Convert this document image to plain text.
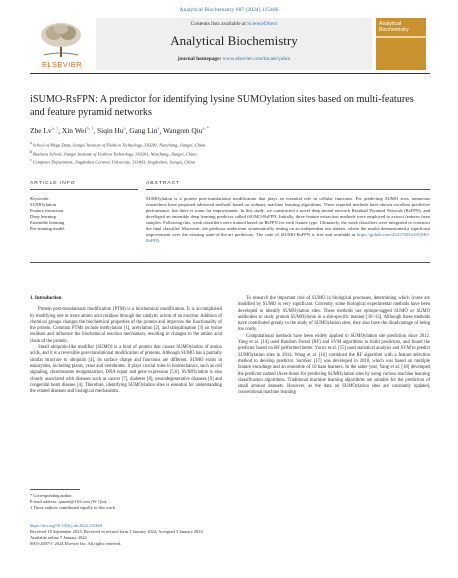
Analytical Biochemistry 687 (2024) 115460
ELSEVIER
Contents lists available at ScienceDirect
Analytical Biochemistry
journal homepage: www.elsevier.com/locate/yabio
Analytical Biochemistry
iSUMO-RsFPN: A predictor for identifying lysine SUMOylation sites based on multi-features and feature pyramid networks
Zhe Lv$^{a, 1}$, Xin Wei$^{b, 1}$, Siqin Hu$^a$, Gang Lin$^a$, Wangren Qiu$^{a, *}$
$^a$ School of Mega Data, Jiangxi Institute of Fashion Technology, 330201, Nanchang, Jiangxi, China
$^b$ Business School, Jiangxi Institute of Fashion Technology, 330201, Nanchang, Jiangxi, China
$^c$ Computer Department, Jingdezhen Ceramic University, 333403, Jingdezhen, Jiangxi, China
ARTICLE INFO	ABSTRACT
Keywords:
SUMOylation
Feature extraction
Deep learning
Ensemble learning
Pre-training model
SUMOylation is a protein post-translational modification that plays an essential role in cellular functions. For predicting SUMO sites, numerous researchers have proposed advanced methods based on ordinary machine learning algorithms. These reported methods have shown excellent predictive performance, but there is room for improvement. In this study, we constructed a novel deep neural network Residual Pyramid Network (RsFPN), and developed an ensemble deep learning predictor called iSUMO-RsFPN. Initially, three feature extraction methods were employed to extract features from samples. Following this, weak classifiers were trained based on RsFPN for each feature type. Ultimately, the weak classifiers were integrated to construct the final classifier. Moreover, the predictor underwent systematically testing on an independent test dataset, where the results demonstrated a significant improvement over the existing state-of-the-art predictors. The code of iSUMO-RsFPN is free and available at https://github.com/454170054/iSUMO-RsFPN.
1. Introduction

Protein post-translational modification (PTM) is a biochemical modification. It is accomplished by modifying one or more amino acid residues through the catalytic action of an enzyme. Addition of chemical groups changes the biochemical properties of the protein and improves the functionality of the protein. Common PTMs include methylation [1], acetylation [2], and ubiquitination [3] on lysine residues and influence the biochemical reaction mechanism, resulting in changes to the amino acid chain of the protein.

Small ubiquitin-like modifier (SUMO) is a kind of protein that causes SUMOylation of amino acids, and it is a reversible post-translational modification of proteins. Although SUMO has a partially similar structure to ubiquitin [4], its surface charge and functions are different. SUMO exists in eukaryotes, including plants, yeast and vertebrates. It plays crucial roles in biomechanics, such as cell signaling, chromosome reorganization, DNA repair and gene expression [5,6]. SUMOylation is also closely associated with diseases such as cancer [7], diabetes [8], neurodegenerative diseases [9] and congenital heart disease [4]. Therefore, identifying SUMOylation sites is essential for understanding the related diseases and biological mechanisms.

To research the important role of SUMO in biological processes, determining which lysine are modified by SUMO is very significant. Currently, some biological experimental methods have been developed to identify SUMOylation sites. These methods use epitope-tagged SUMO or SUMO antibodies to study protein SUMOylome in a site-specific manner [10–13]. Although these methods have contributed greatly to the study of SUMOylation sites, they also have the disadvantage of being too costly.

Computational methods have been widely applied to SUMOylation site prediction since 2012. Yang et al. [14] used Random Forest (RF) and SVM algorithms to build predictors, and found the predictor based on RF performed better. Yavuz et al. [15] used statistical analysis and SVM to predict SUMOylation sites in 2014. Wang et al. [16] combined the RF algorithm with a feature selection method to develop predictor. SumSec [17] was developed in 2018, which was based on multiple feature encodings and an ensemble of 10 base learners. In the same year, Yang et al. [18] developed the predictor named iAcet-Sumo for predicting SUMOylation sites by using various machine learning classification algorithms. Traditional machine learning algorithms are suitable for the prediction of small amount datasets. However, as the data on SUMOylation sites are constantly updated, conventional machine learning

* Corresponding author.
E-mail address: qiuone@163.com (W. Qiu).
1 These authors contributed equally to this work.
https://doi.org/10.1016/j.ab.2024.115460
Received 18 September 2023; Received in revised form 2 January 2024; Accepted 3 January 2024
Available online 7 January 2024
0003-2697/© 2024 Elsevier Inc. All rights reserved.
